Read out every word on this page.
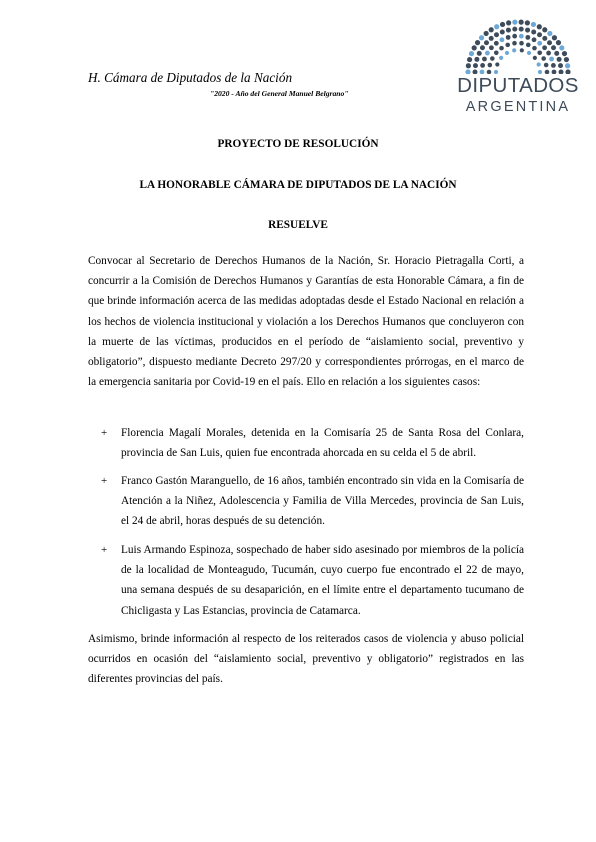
H. Cámara de Diputados de la Nación
"2020 - Año del General Manuel Belgrano"	DIPUTADOS
ARGENTINA
PROYECTO DE RESOLUCIÓN
LA HONORABLE CÁMARA DE DIPUTADOS DE LA NACIÓN
RESUELVE

Convocar al Secretario de Derechos Humanos de la Nación, Sr. Horacio Pietragalla Corti, a concurrir a la Comisión de Derechos Humanos y Garantías de esta Honorable Cámara, a fin de que brinde información acerca de las medidas adoptadas desde el Estado Nacional en relación a los hechos de violencia institucional y violación a los Derechos Humanos que concluyeron con la muerte de las víctimas, producidos en el período de “aislamiento social, preventivo y obligatorio”, dispuesto mediante Decreto 297/20 y correspondientes prórrogas, en el marco de la emergencia sanitaria por Covid-19 en el país. Ello en relación a los siguientes casos:

+ Florencia Magalí Morales, detenida en la Comisaría 25 de Santa Rosa del Conlara, provincia de San Luis, quien fue encontrada ahorcada en su celda el 5 de abril.

+ Franco Gastón Maranguello, de 16 años, también encontrado sin vida en la Comisaría de Atención a la Niñez, Adolescencia y Familia de Villa Mercedes, provincia de San Luis, el 24 de abril, horas después de su detención.

+ Luis Armando Espinoza, sospechado de haber sido asesinado por miembros de la policía de la localidad de Monteagudo, Tucumán, cuyo cuerpo fue encontrado el 22 de mayo, una semana después de su desaparición, en el límite entre el departamento tucumano de Chicligasta y Las Estancias, provincia de Catamarca.

Asimismo, brinde información al respecto de los reiterados casos de violencia y abuso policial ocurridos en ocasión del “aislamiento social, preventivo y obligatorio” registrados en las diferentes provincias del país.
